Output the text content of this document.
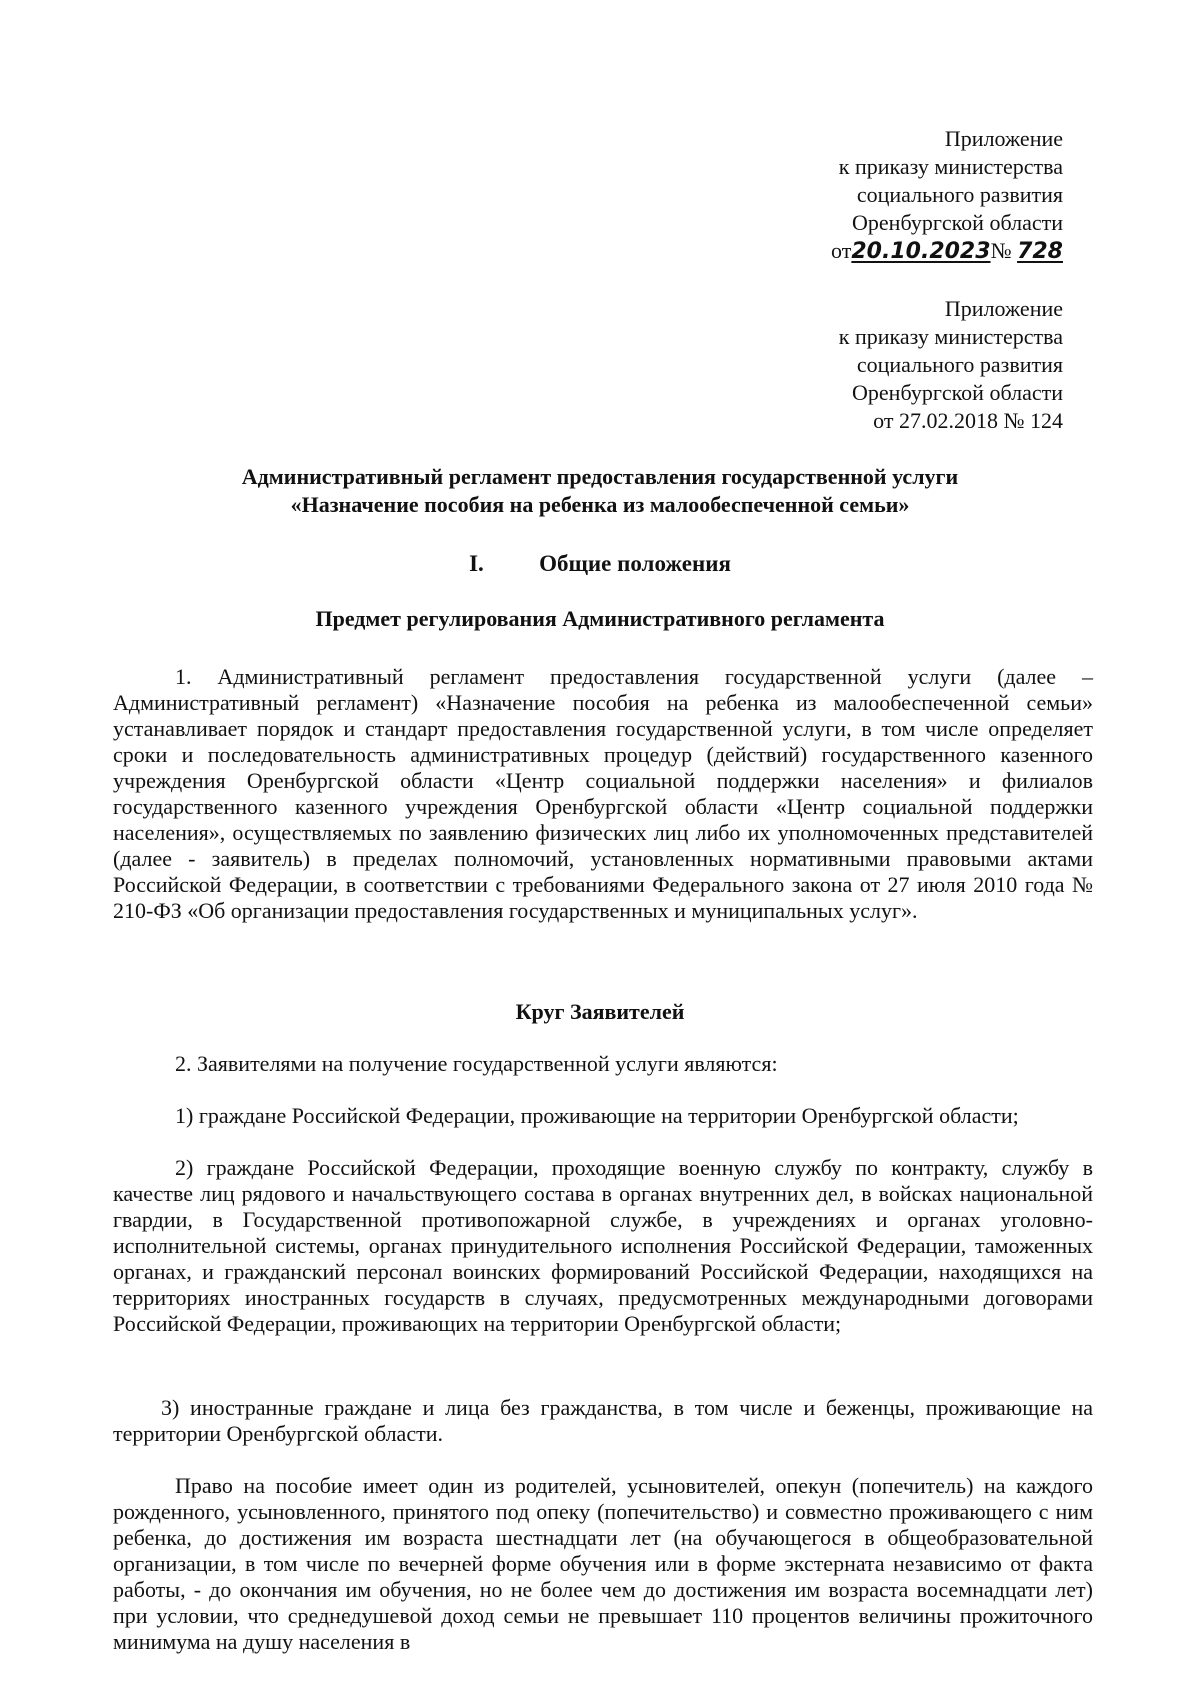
Приложение
к приказу министерства
социального развития
Оренбургской области
от20.10.2023№ 728
Приложение
к приказу министерства
социального развития
Оренбургской области
от 27.02.2018 № 124
Административный регламент предоставления государственной услуги
«Назначение пособия на ребенка из малообеспеченной семьи»
I. Общие положения
Предмет регулирования Административного регламента

1. Административный регламент предоставления государственной услуги (далее – Административный регламент) «Назначение пособия на ребенка из малообеспеченной семьи» устанавливает порядок и стандарт предоставления государственной услуги, в том числе определяет сроки и последовательность административных процедур (действий) государственного казенного учреждения Оренбургской области «Центр социальной поддержки населения» и филиалов государственного казенного учреждения Оренбургской области «Центр социальной поддержки населения», осуществляемых по заявлению физических лиц либо их уполномоченных представителей (далее - заявитель) в пределах полномочий, установленных нормативными правовыми актами Российской Федерации, в соответствии с требованиями Федерального закона от 27 июля 2010 года № 210-ФЗ «Об организации предоставления государственных и муниципальных услуг».

Круг Заявителей

2. Заявителями на получение государственной услуги являются:

1) граждане Российской Федерации, проживающие на территории Оренбургской области;

2) граждане Российской Федерации, проходящие военную службу по контракту, службу в качестве лиц рядового и начальствующего состава в органах внутренних дел, в войсках национальной гвардии, в Государственной противопожарной службе, в учреждениях и органах уголовно-исполнительной системы, органах принудительного исполнения Российской Федерации, таможенных органах, и гражданский персонал воинских формирований Российской Федерации, находящихся на территориях иностранных государств в случаях, предусмотренных международными договорами Российской Федерации, проживающих на территории Оренбургской области;

3) иностранные граждане и лица без гражданства, в том числе и беженцы, проживающие на территории Оренбургской области.

Право на пособие имеет один из родителей, усыновителей, опекун (попечитель) на каждого рожденного, усыновленного, принятого под опеку (попечительство) и совместно проживающего с ним ребенка, до достижения им возраста шестнадцати лет (на обучающегося в общеобразовательной организации, в том числе по вечерней форме обучения или в форме экстерната независимо от факта работы, - до окончания им обучения, но не более чем до достижения им возраста восемнадцати лет) при условии, что среднедушевой доход семьи не превышает 110 процентов величины прожиточного минимума на душу населения в
